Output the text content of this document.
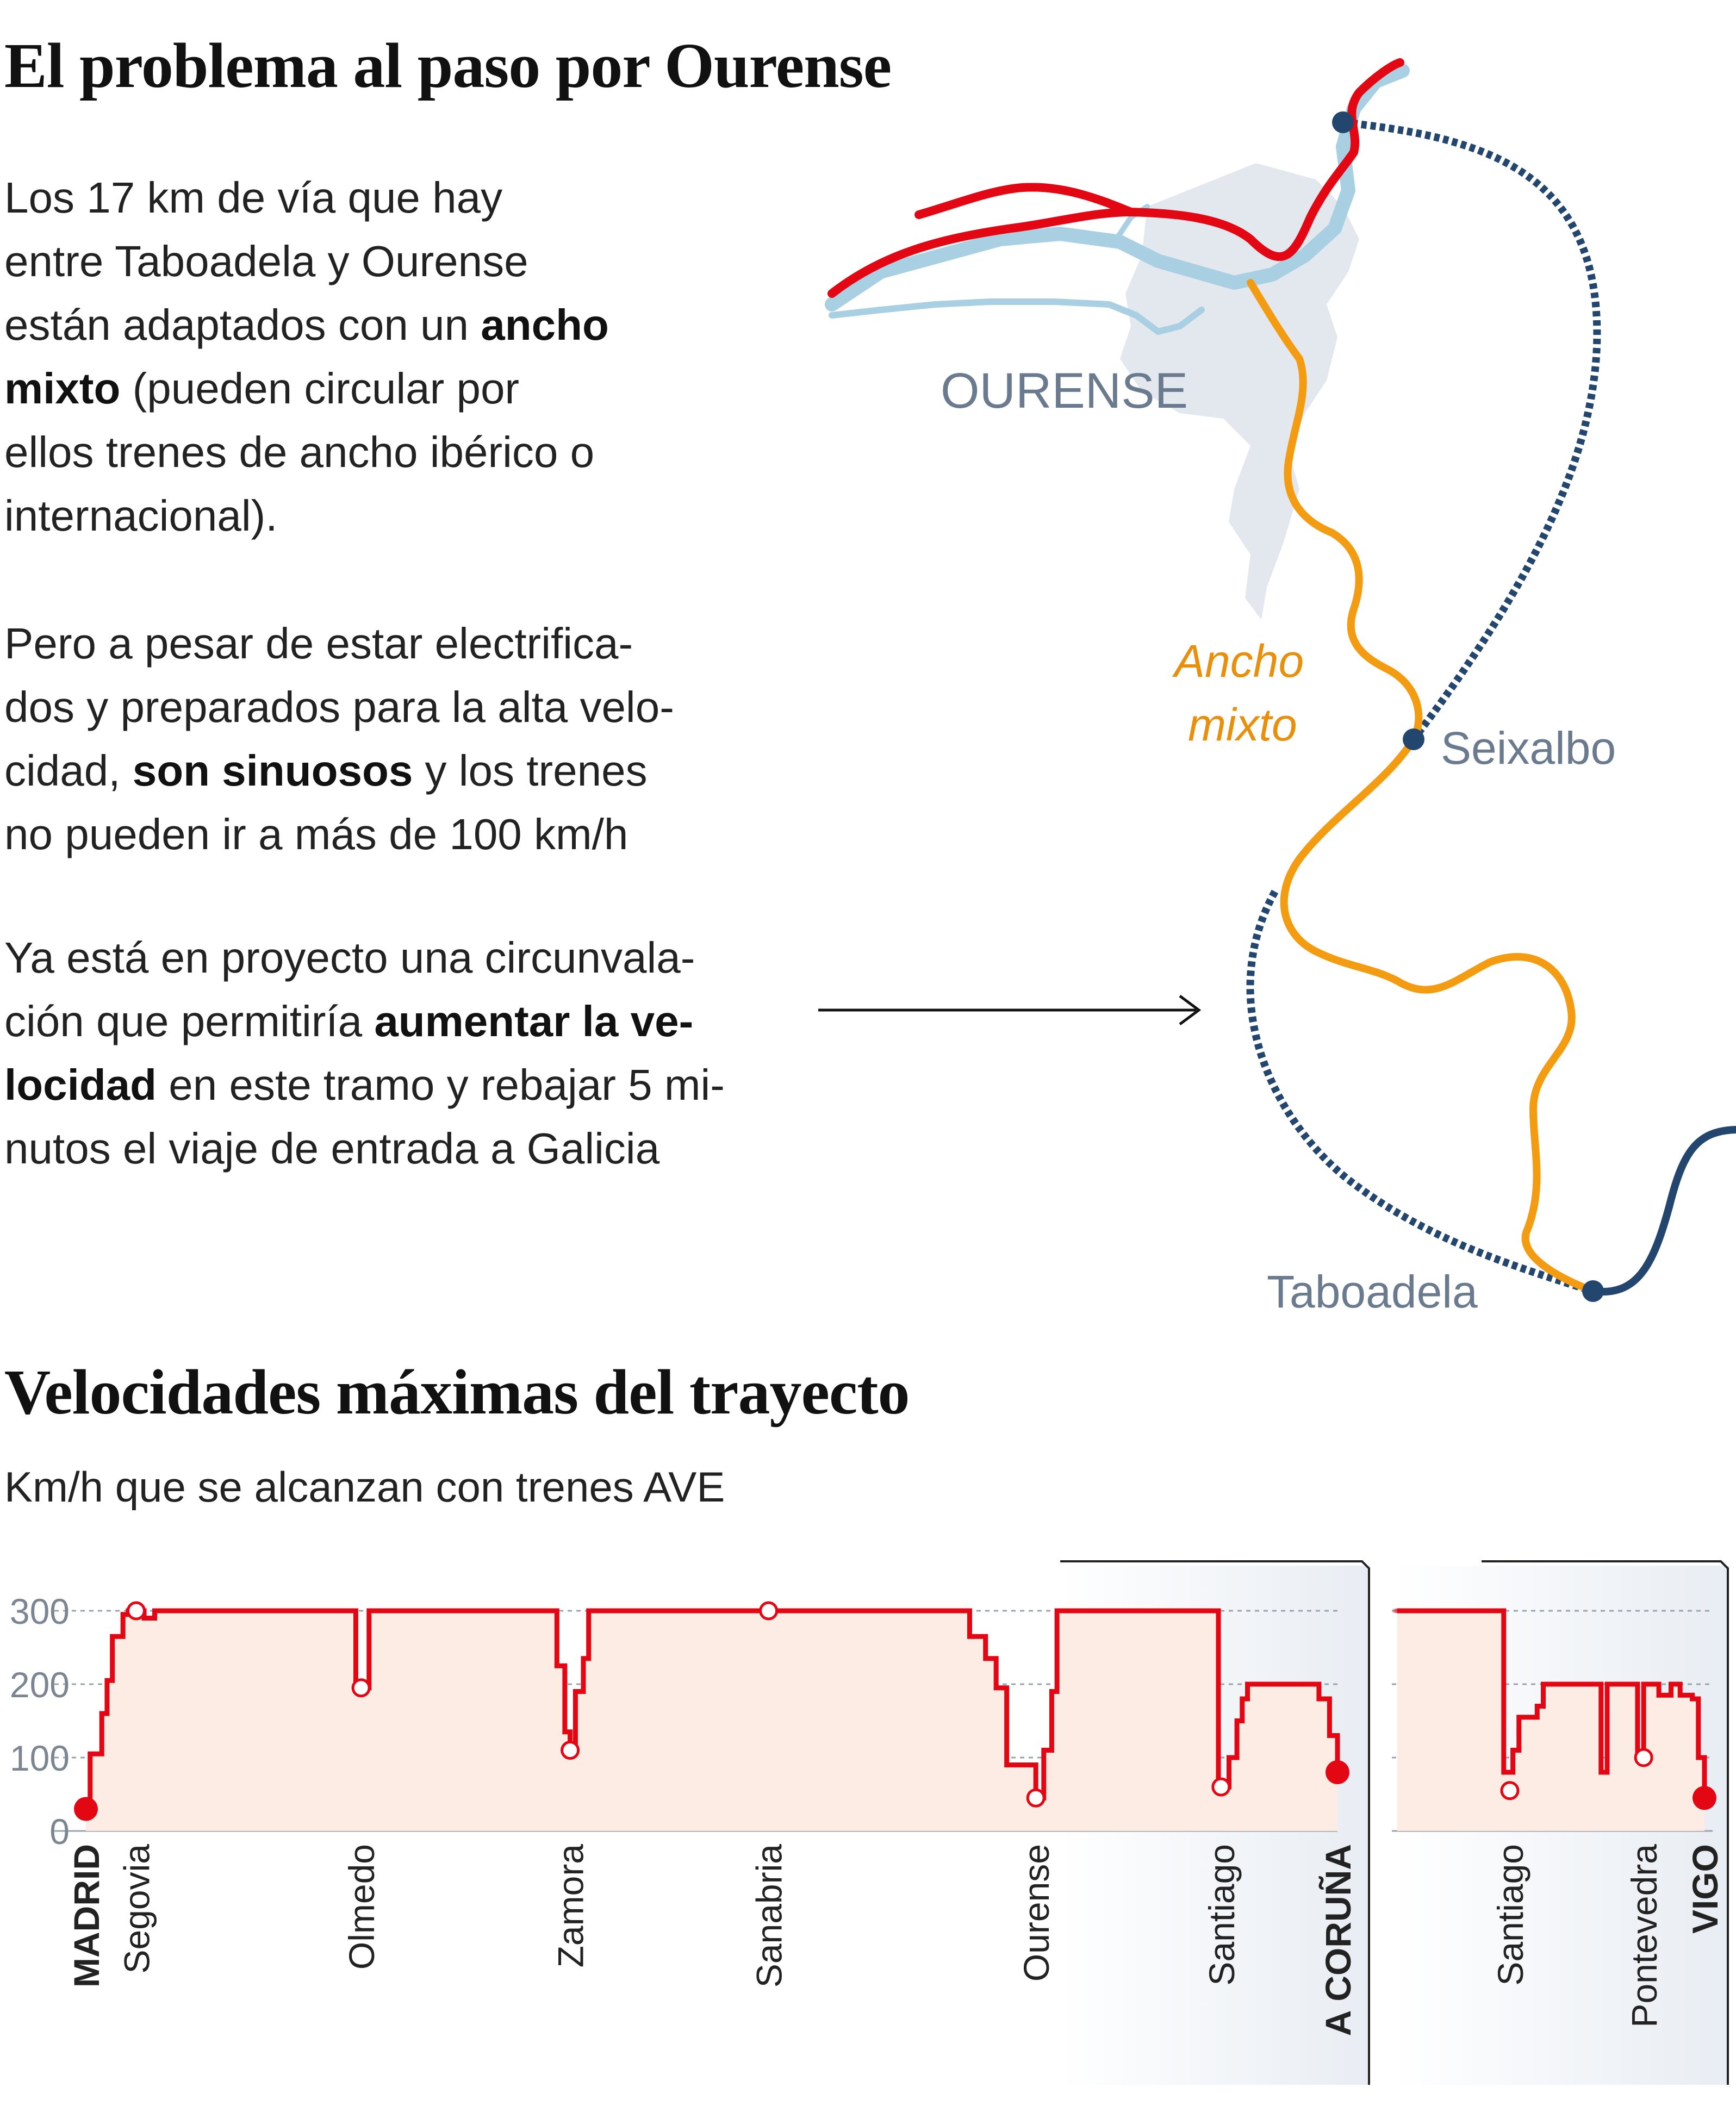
OURENSE
Ancho
mixto	Seixalbo
Taboadela
El problema al paso por Ourense
Los 17 km de vía que hay
entre Taboadela y Ourense
están adaptados con un ancho
mixto (pueden circular por
ellos trenes de ancho ibérico o
internacional).
Pero a pesar de estar electrifica-
dos y preparados para la alta velo-
cidad, son sinuosos y los trenes
no pueden ir a más de 100 km/h
Ya está en proyecto una circunvala-
ción que permitiría aumentar la ve-
locidad en este tramo y rebajar 5 mi-
nutos el viaje de entrada a Galicia
Velocidades máximas del trayecto
Km/h que se alcanzan con trenes AVE
0
100
200
300
MADRID Segovia	Olmedo	Zamora	Sanabria	Ourense	Santiago A CORUÑA	Santiago	Pontevedra VIGO
